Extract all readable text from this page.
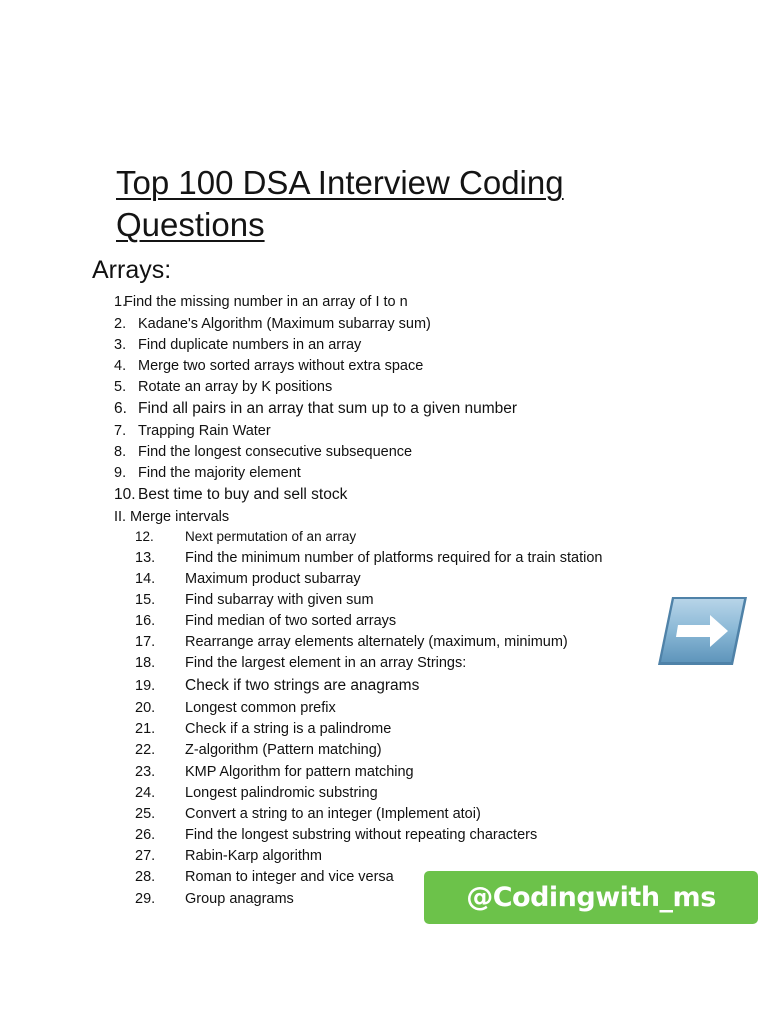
Top 100 DSA Interview Coding Questions
Arrays:
1.Find the missing number in an array of I to n
2. Kadane's Algorithm (Maximum subarray sum)
3. Find duplicate numbers in an array
4. Merge two sorted arrays without extra space
5. Rotate an array by K positions
6. Find all pairs in an array that sum up to a given number
7. Trapping Rain Water
8. Find the longest consecutive subsequence
9. Find the majority element
10. Best time to buy and sell stock
II. Merge intervals
12. Next permutation of an array
13. Find the minimum number of platforms required for a train station
14. Maximum product subarray
15. Find subarray with given sum
16. Find median of two sorted arrays
17. Rearrange array elements alternately (maximum, minimum)
18. Find the largest element in an array Strings:
19. Check if two strings are anagrams
20. Longest common prefix
21. Check if a string is a palindrome
22. Z-algorithm (Pattern matching)
23. KMP Algorithm for pattern matching
24. Longest palindromic substring
25. Convert a string to an integer (Implement atoi)
26. Find the longest substring without repeating characters
27. Rabin-Karp algorithm
28. Roman to integer and vice versa
29. Group anagrams	@Codingwith_ms
